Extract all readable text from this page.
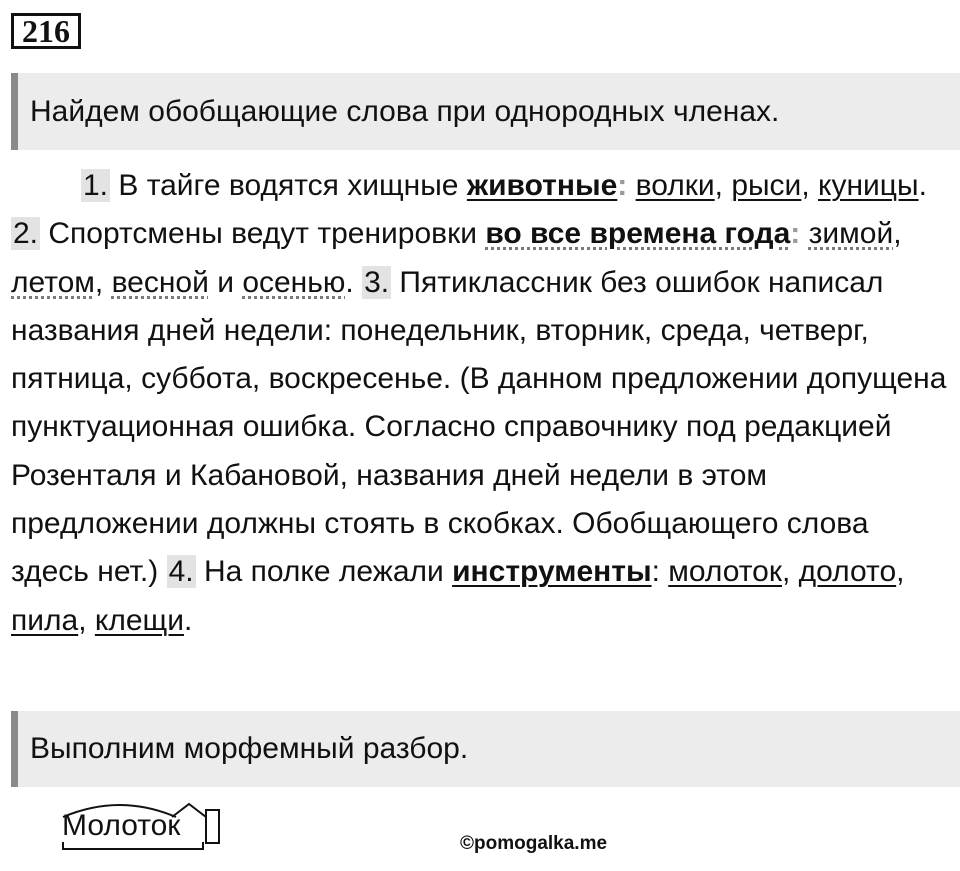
216
Найдем обобщающие слова при однородных членах.

1. В тайге водятся хищные животные: волки, рыси, куницы. 2. Спортсмены ведут тренировки во все времена года: зимой, летом, весной и осенью. 3. Пятиклассник без ошибок написал названия дней недели: понедельник, вторник, среда, четверг, пятница, суббота, воскресенье. (В данном предложении допущена пунктуационная ошибка. Согласно справочнику под редакцией Розенталя и Кабановой, названия дней недели в этом предложении должны стоять в скобках. Обобщающего слова здесь нет.) 4. На полке лежали инструменты: молоток, долото, пила, клещи.

Выполним морфемный разбор.
Молоток
©pomogalka.me
